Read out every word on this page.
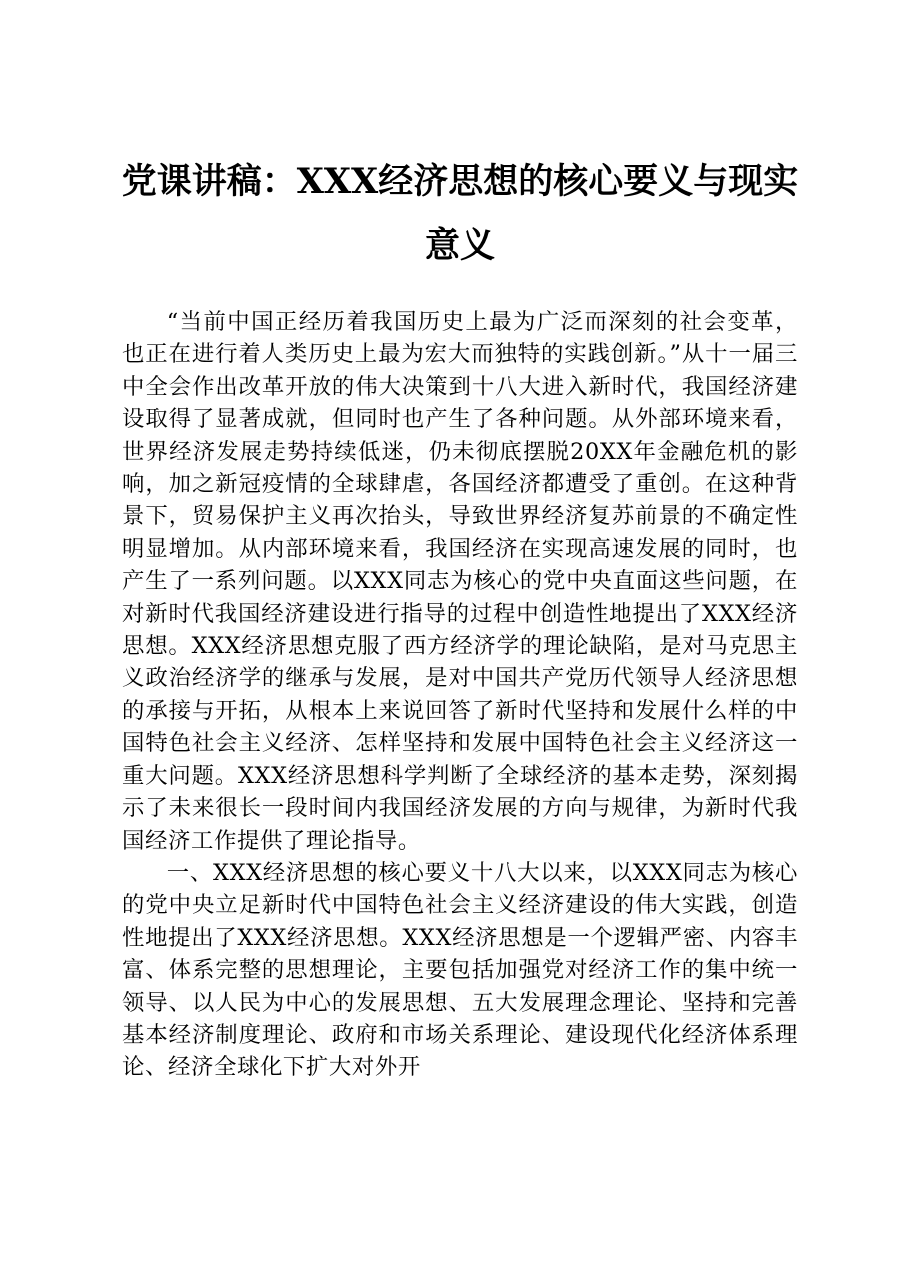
党课讲稿：XXX经济思想的核心要义与现实意义

“当前中国正经历着我国历史上最为广泛而深刻的社会变革，也正在进行着人类历史上最为宏大而独特的实践创新。”从十一届三中全会作出改革开放的伟大决策到十八大进入新时代，我国经济建设取得了显著成就，但同时也产生了各种问题。从外部环境来看，世界经济发展走势持续低迷，仍未彻底摆脱20XX年金融危机的影响，加之新冠疫情的全球肆虐，各国经济都遭受了重创。在这种背景下，贸易保护主义再次抬头，导致世界经济复苏前景的不确定性明显增加。从内部环境来看，我国经济在实现高速发展的同时，也产生了一系列问题。以XXX同志为核心的党中央直面这些问题，在对新时代我国经济建设进行指导的过程中创造性地提出了XXX经济思想。XXX经济思想克服了西方经济学的理论缺陷，是对马克思主义政治经济学的继承与发展，是对中国共产党历代领导人经济思想的承接与开拓，从根本上来说回答了新时代坚持和发展什么样的中国特色社会主义经济、怎样坚持和发展中国特色社会主义经济这一重大问题。XXX经济思想科学判断了全球经济的基本走势，深刻揭示了未来很长一段时间内我国经济发展的方向与规律，为新时代我国经济工作提供了理论指导。

一、XXX经济思想的核心要义十八大以来，以XXX同志为核心的党中央立足新时代中国特色社会主义经济建设的伟大实践，创造性地提出了XXX经济思想。XXX经济思想是一个逻辑严密、内容丰富、体系完整的思想理论，主要包括加强党对经济工作的集中统一领导、以人民为中心的发展思想、五大发展理念理论、坚持和完善基本经济制度理论、政府和市场关系理论、建设现代化经济体系理论、经济全球化下扩大对外开
